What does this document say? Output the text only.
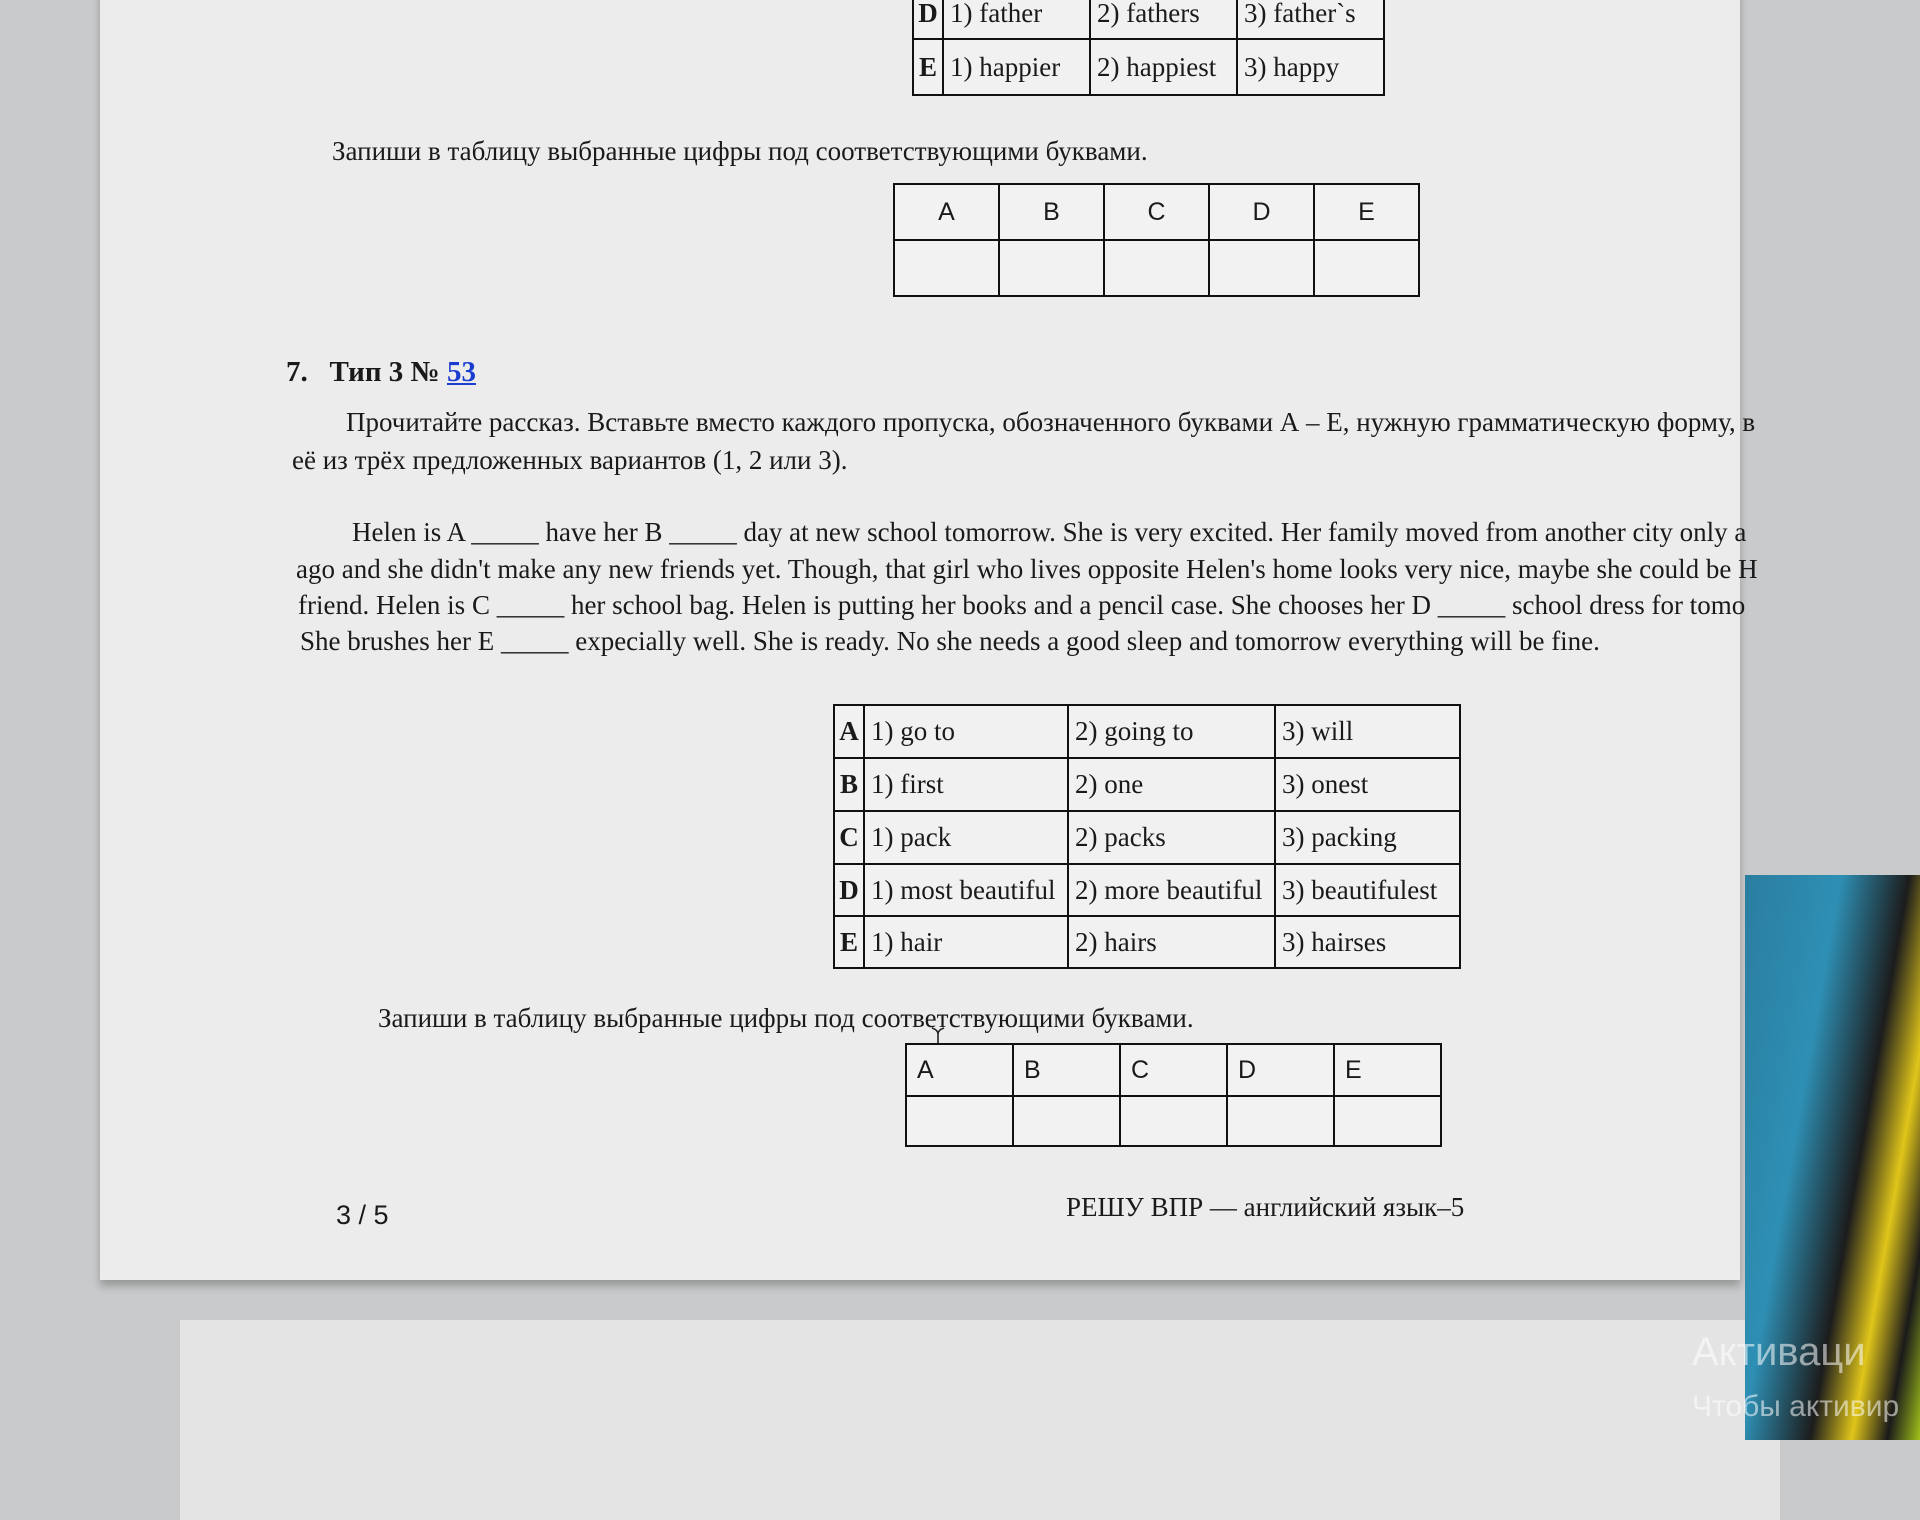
D	1) father	2) fathers	3) father`s
E	1) happier	2) happiest	3) happy
Запиши в таблицу выбранные цифры под соответствующими буквами.
A	B	C	D	E

7. Тип 3 № 53
Прочитайте рассказ. Вставьте вместо каждого пропуска, обозначенного буквами А – Е, нужную грамматическую форму, в
её из трёх предложенных вариантов (1, 2 или 3).
Helen is A _____ have her B _____ day at new school tomorrow. She is very excited. Her family moved from another city only a
ago and she didn't make any new friends yet. Though, that girl who lives opposite Helen's home looks very nice, maybe she could be H
friend. Helen is C _____ her school bag. Helen is putting her books and a pencil case. She chooses her D _____ school dress for tomo
She brushes her E _____ expecially well. She is ready. No she needs a good sleep and tomorrow everything will be fine.
A	1) go to	2) going to	3) will
B	1) first	2) one	3) onest
C	1) pack	2) packs	3) packing
D	1) most beautiful	2) more beautiful	3) beautifulest
E	1) hair	2) hairs	3) hairses
Запиши в таблицу выбранные цифры под соответствующими буквами.
A	B	C	D	E

3 / 5	РЕШУ ВПР — английский язык–5
Активаци
Чтобы активир
